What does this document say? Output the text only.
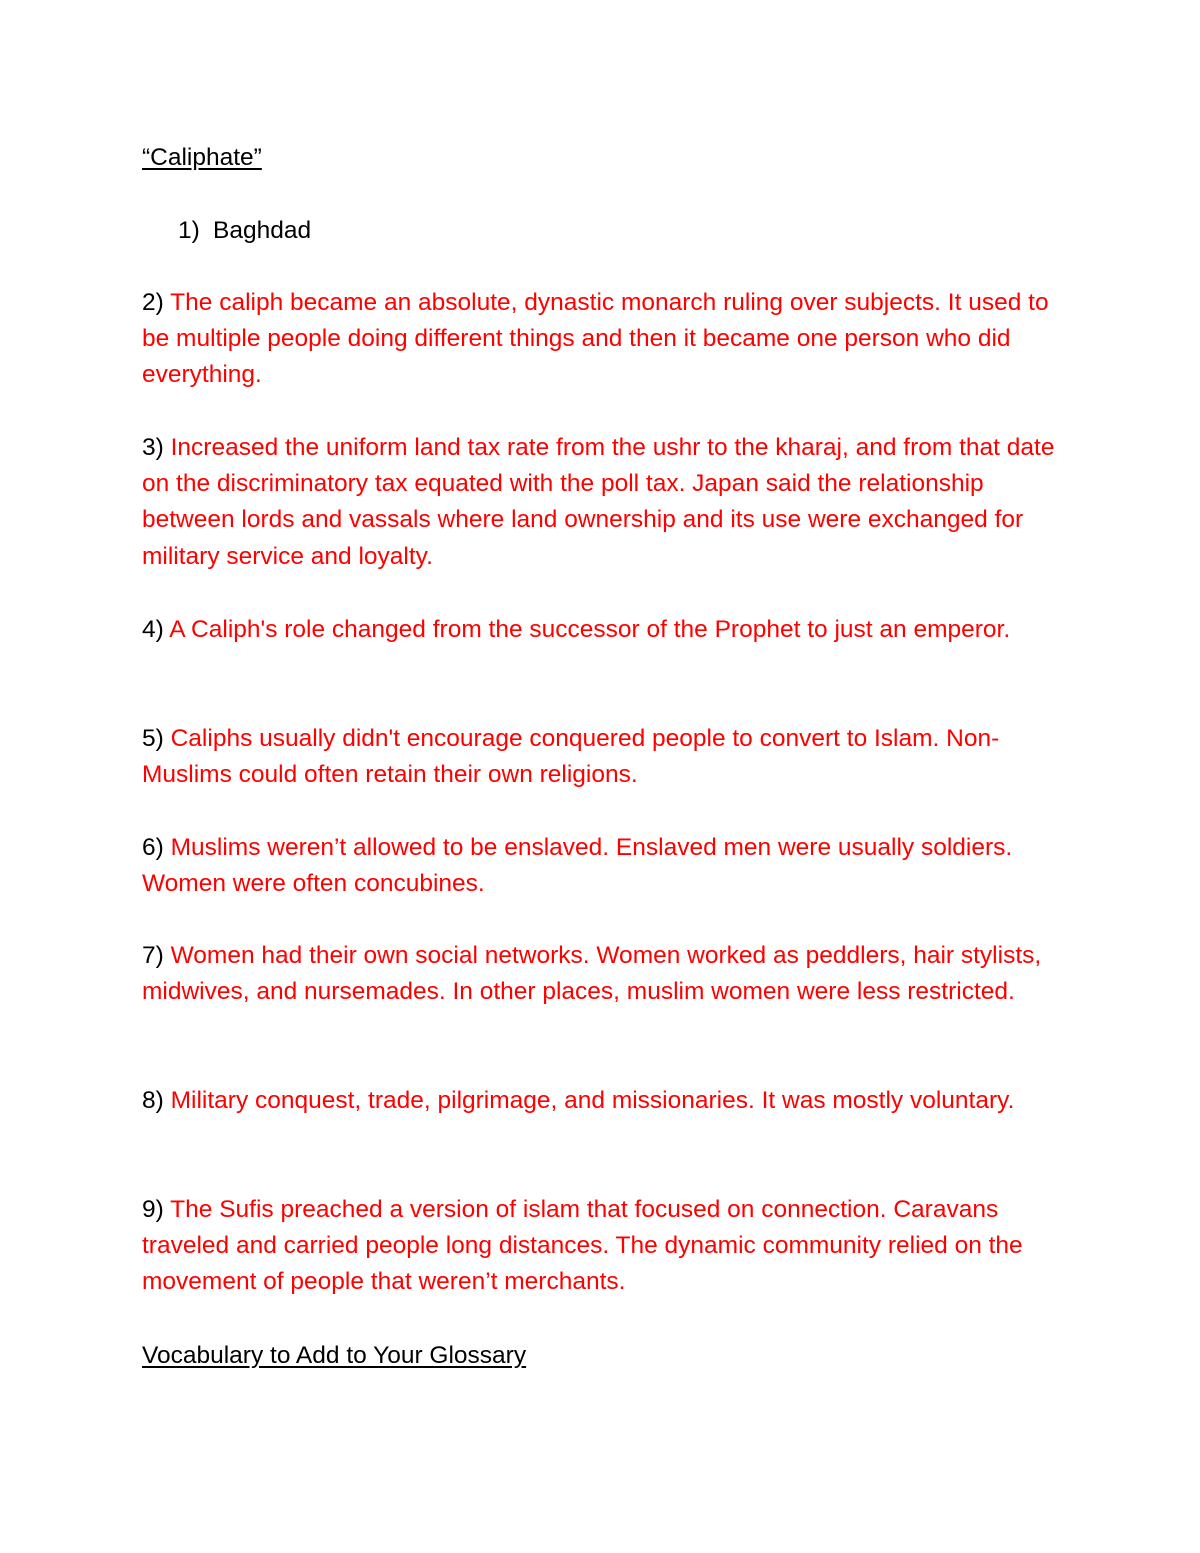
“Caliphate”
1) Baghdad

2) The caliph became an absolute, dynastic monarch ruling over subjects. It used to be multiple people doing different things and then it became one person who did everything.

3) Increased the uniform land tax rate from the ushr to the kharaj, and from that date on the discriminatory tax equated with the poll tax. Japan said the relationship between lords and vassals where land ownership and its use were exchanged for military service and loyalty.

4) A Caliph's role changed from the successor of the Prophet to just an emperor.

5) Caliphs usually didn't encourage conquered people to convert to Islam. Non-Muslims could often retain their own religions.

6) Muslims weren’t allowed to be enslaved. Enslaved men were usually soldiers. Women were often concubines.

7) Women had their own social networks. Women worked as peddlers, hair stylists, midwives, and nursemades. In other places, muslim women were less restricted.

8) Military conquest, trade, pilgrimage, and missionaries. It was mostly voluntary.

9) The Sufis preached a version of islam that focused on connection. Caravans traveled and carried people long distances. The dynamic community relied on the movement of people that weren’t merchants.

Vocabulary to Add to Your Glossary
